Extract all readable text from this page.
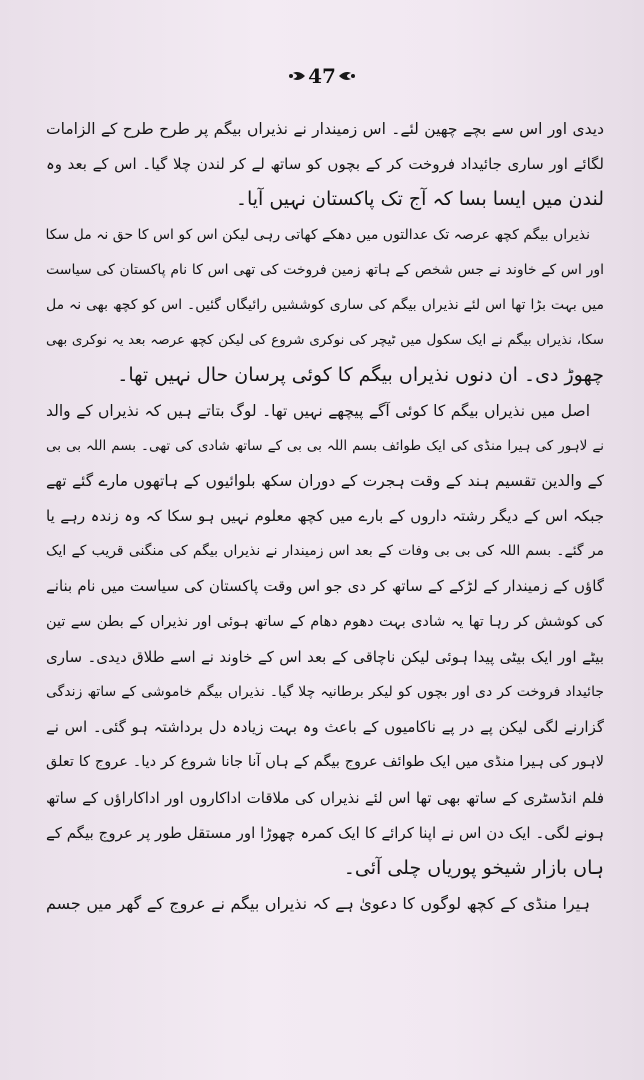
47
دیدی اور اس سے بچے چھین لئے۔ اس زمیندار نے نذیراں بیگم پر طرح طرح کے الزامات
لگائے اور ساری جائیداد فروخت کر کے بچوں کو ساتھ لے کر لندن چلا گیا۔ اس کے بعد وہ
لندن میں ایسا بسا کہ آج تک پاکستان نہیں آیا۔
نذیراں بیگم کچھ عرصہ تک عدالتوں میں دھکے کھاتی رہی لیکن اس کو اس کا حق نہ مل سکا
اور اس کے خاوند نے جس شخص کے ہاتھ زمین فروخت کی تھی اس کا نام پاکستان کی سیاست
میں بہت بڑا تھا اس لئے نذیراں بیگم کی ساری کوششیں رائیگاں گئیں۔ اس کو کچھ بھی نہ مل
سکا، نذیراں بیگم نے ایک سکول میں ٹیچر کی نوکری شروع کی لیکن کچھ عرصہ بعد یہ نوکری بھی
چھوڑ دی۔ ان دنوں نذیراں بیگم کا کوئی پرسان حال نہیں تھا۔
اصل میں نذیراں بیگم کا کوئی آگے پیچھے نہیں تھا۔ لوگ بتاتے ہیں کہ نذیراں کے والد
نے لاہور کی ہیرا منڈی کی ایک طوائف بسم اللہ بی بی کے ساتھ شادی کی تھی۔ بسم اللہ بی بی
کے والدین تقسیم ہند کے وقت ہجرت کے دوران سکھ بلوائیوں کے ہاتھوں مارے گئے تھے
جبکہ اس کے دیگر رشتہ داروں کے بارے میں کچھ معلوم نہیں ہو سکا کہ وہ زندہ رہے یا
مر گئے۔ بسم اللہ کی بی بی وفات کے بعد اس زمیندار نے نذیراں بیگم کی منگنی قریب کے ایک
گاؤں کے زمیندار کے لڑکے کے ساتھ کر دی جو اس وقت پاکستان کی سیاست میں نام بنانے
کی کوشش کر رہا تھا یہ شادی بہت دھوم دھام کے ساتھ ہوئی اور نذیراں کے بطن سے تین
بیٹے اور ایک بیٹی پیدا ہوئی لیکن ناچاقی کے بعد اس کے خاوند نے اسے طلاق دیدی۔ ساری
جائیداد فروخت کر دی اور بچوں کو لیکر برطانیہ چلا گیا۔ نذیراں بیگم خاموشی کے ساتھ زندگی
گزارنے لگی لیکن پے در پے ناکامیوں کے باعث وہ بہت زیادہ دل برداشتہ ہو گئی۔ اس نے
لاہور کی ہیرا منڈی میں ایک طوائف عروج بیگم کے ہاں آنا جانا شروع کر دیا۔ عروج کا تعلق
فلم انڈسٹری کے ساتھ بھی تھا اس لئے نذیراں کی ملاقات اداکاروں اور اداکاراؤں کے ساتھ
ہونے لگی۔ ایک دن اس نے اپنا کرائے کا ایک کمرہ چھوڑا اور مستقل طور پر عروج بیگم کے
ہاں بازار شیخو پوریاں چلی آئی۔
ہیرا منڈی کے کچھ لوگوں کا دعویٰ ہے کہ نذیراں بیگم نے عروج کے گھر میں جسم
